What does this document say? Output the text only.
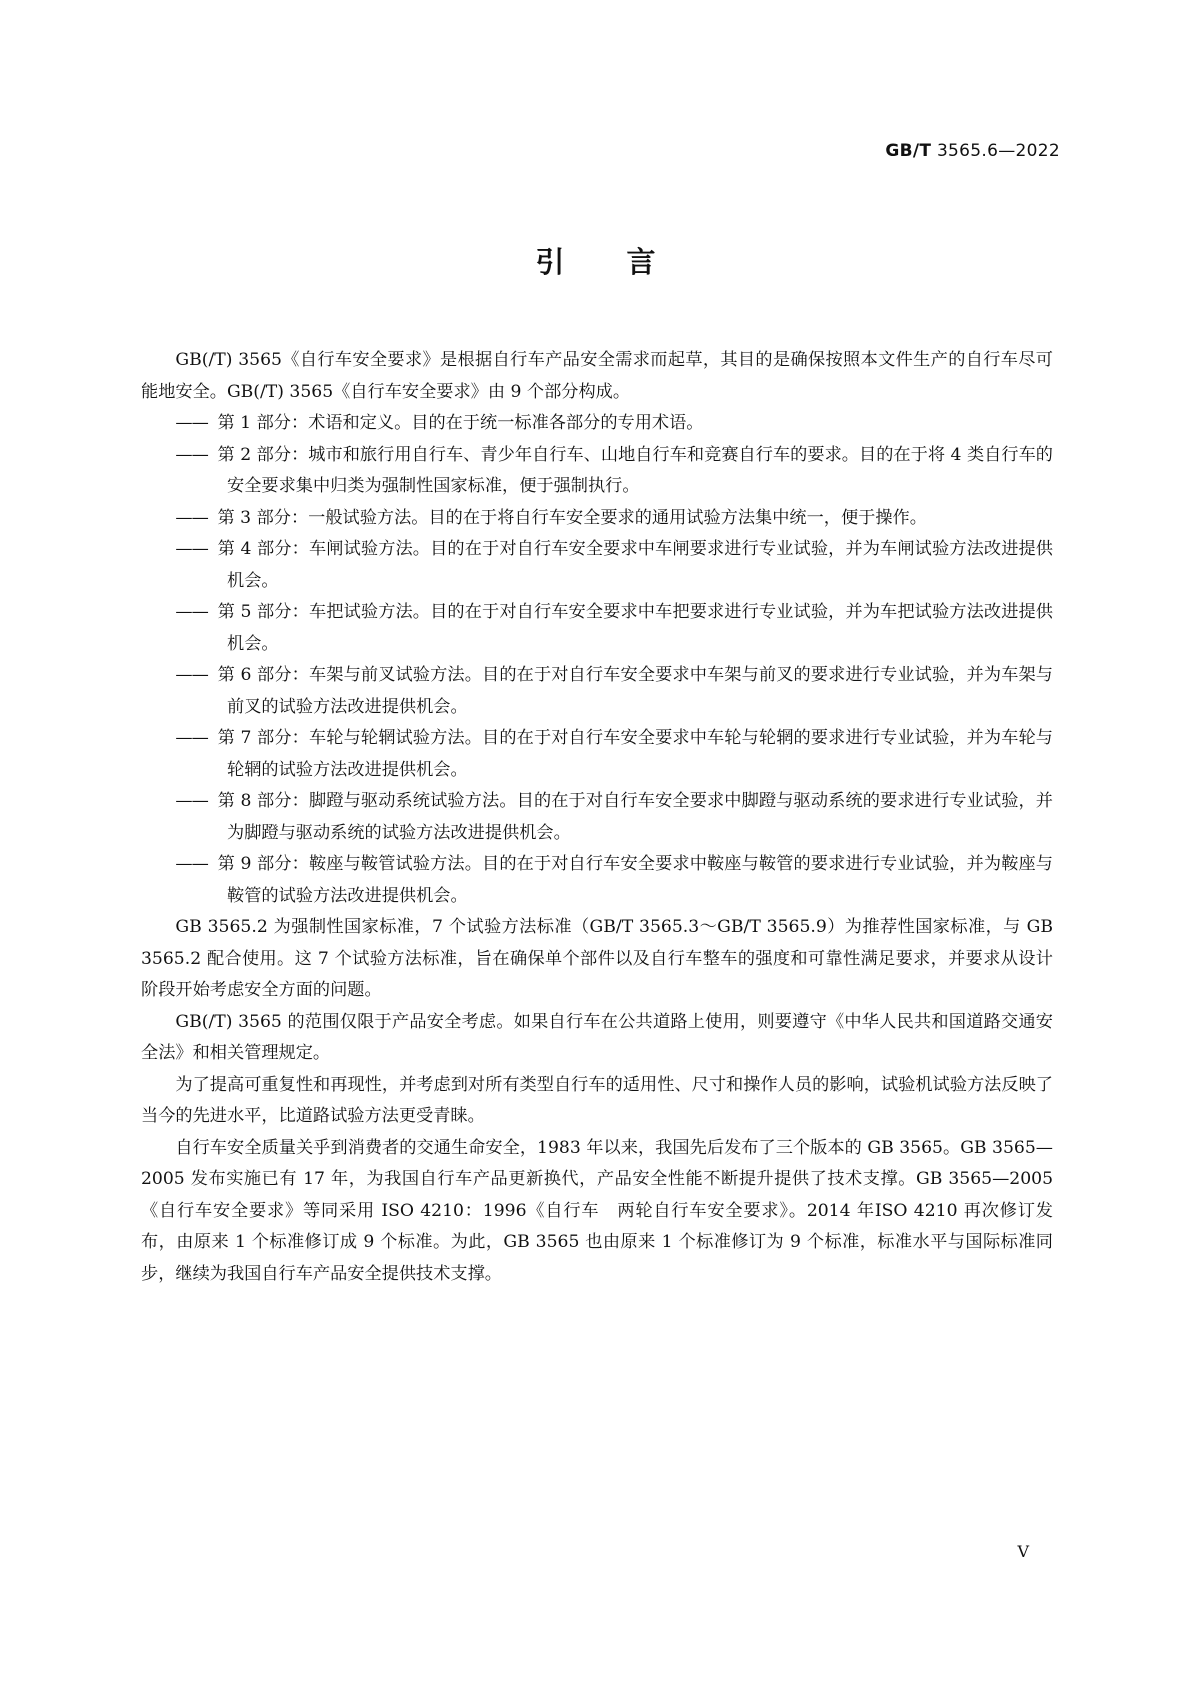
GB/T 3565.6—2022
引言

GB(/T) 3565《自行车安全要求》是根据自行车产品安全需求而起草，其目的是确保按照本文件生产的自行车尽可能地安全。GB(/T) 3565《自行车安全要求》由 9 个部分构成。

—— 第 1 部分：术语和定义。目的在于统一标准各部分的专用术语。

—— 第 2 部分：城市和旅行用自行车、青少年自行车、山地自行车和竞赛自行车的要求。目的在于将 4 类自行车的安全要求集中归类为强制性国家标准，便于强制执行。

—— 第 3 部分：一般试验方法。目的在于将自行车安全要求的通用试验方法集中统一，便于操作。

—— 第 4 部分：车闸试验方法。目的在于对自行车安全要求中车闸要求进行专业试验，并为车闸试验方法改进提供机会。

—— 第 5 部分：车把试验方法。目的在于对自行车安全要求中车把要求进行专业试验，并为车把试验方法改进提供机会。

—— 第 6 部分：车架与前叉试验方法。目的在于对自行车安全要求中车架与前叉的要求进行专业试验，并为车架与前叉的试验方法改进提供机会。

—— 第 7 部分：车轮与轮辋试验方法。目的在于对自行车安全要求中车轮与轮辋的要求进行专业试验，并为车轮与轮辋的试验方法改进提供机会。

—— 第 8 部分：脚蹬与驱动系统试验方法。目的在于对自行车安全要求中脚蹬与驱动系统的要求进行专业试验，并为脚蹬与驱动系统的试验方法改进提供机会。

—— 第 9 部分：鞍座与鞍管试验方法。目的在于对自行车安全要求中鞍座与鞍管的要求进行专业试验，并为鞍座与鞍管的试验方法改进提供机会。

GB 3565.2 为强制性国家标准，7 个试验方法标准（GB/T 3565.3～GB/T 3565.9）为推荐性国家标准，与 GB 3565.2 配合使用。这 7 个试验方法标准，旨在确保单个部件以及自行车整车的强度和可靠性满足要求，并要求从设计阶段开始考虑安全方面的问题。

GB(/T) 3565 的范围仅限于产品安全考虑。如果自行车在公共道路上使用，则要遵守《中华人民共和国道路交通安全法》和相关管理规定。

为了提高可重复性和再现性，并考虑到对所有类型自行车的适用性、尺寸和操作人员的影响，试验机试验方法反映了当今的先进水平，比道路试验方法更受青睐。

自行车安全质量关乎到消费者的交通生命安全，1983 年以来，我国先后发布了三个版本的 GB 3565。GB 3565—2005 发布实施已有 17 年，为我国自行车产品更新换代，产品安全性能不断提升提供了技术支撑。GB 3565—2005《自行车安全要求》等同采用 ISO 4210：1996《自行车　两轮自行车安全要求》。2014 年ISO 4210 再次修订发布，由原来 1 个标准修订成 9 个标准。为此，GB 3565 也由原来 1 个标准修订为 9 个标准，标准水平与国际标准同步，继续为我国自行车产品安全提供技术支撑。

V
